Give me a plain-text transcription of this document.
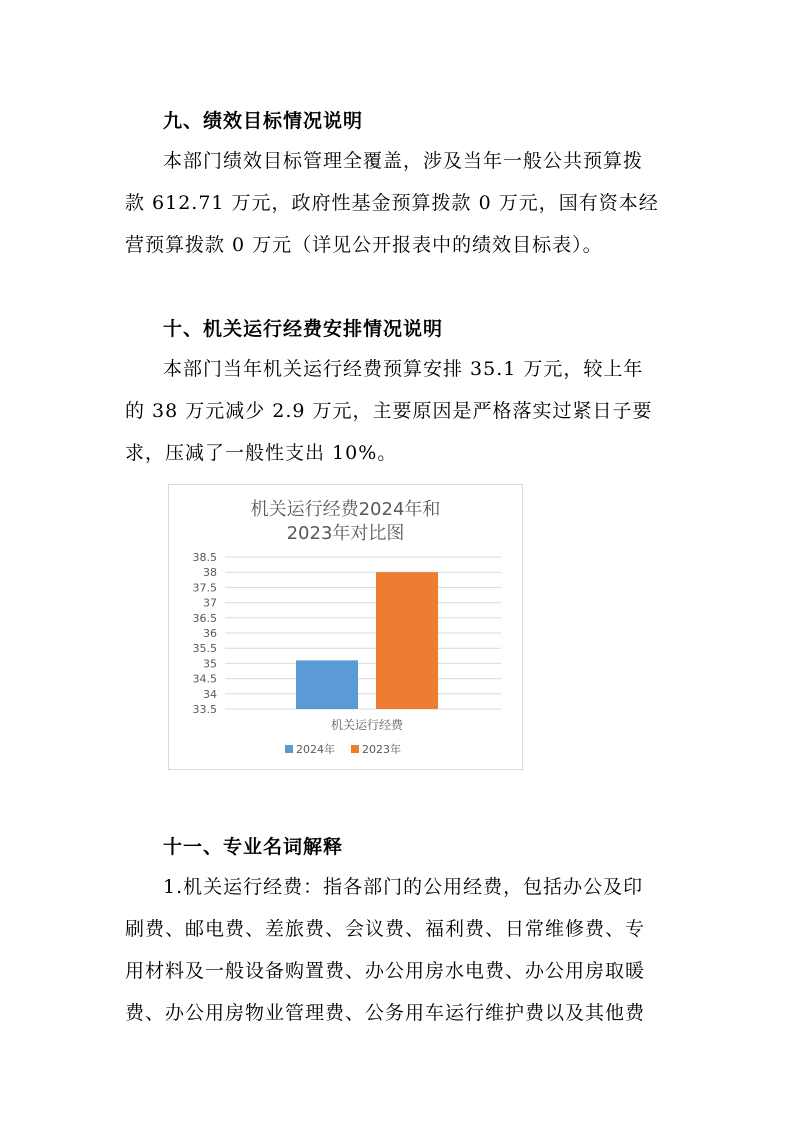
九、绩效目标情况说明
本部门绩效目标管理全覆盖，涉及当年一般公共预算拨
款 612.71 万元，政府性基金预算拨款 0 万元，国有资本经
营预算拨款 0 万元（详见公开报表中的绩效目标表）。
十、机关运行经费安排情况说明
本部门当年机关运行经费预算安排 35.1 万元，较上年
的 38 万元减少 2.9 万元，主要原因是严格落实过紧日子要
求，压减了一般性支出 10%。
机关运行经费2024年和
2023年对比图
33.5
34
34.5
35
35.5
36
36.5
37
37.5
38
38.5
机关运行经费
2024年 2023年
十一、专业名词解释
1.机关运行经费：指各部门的公用经费，包括办公及印
刷费、邮电费、差旅费、会议费、福利费、日常维修费、专
用材料及一般设备购置费、办公用房水电费、办公用房取暖
费、办公用房物业管理费、公务用车运行维护费以及其他费
